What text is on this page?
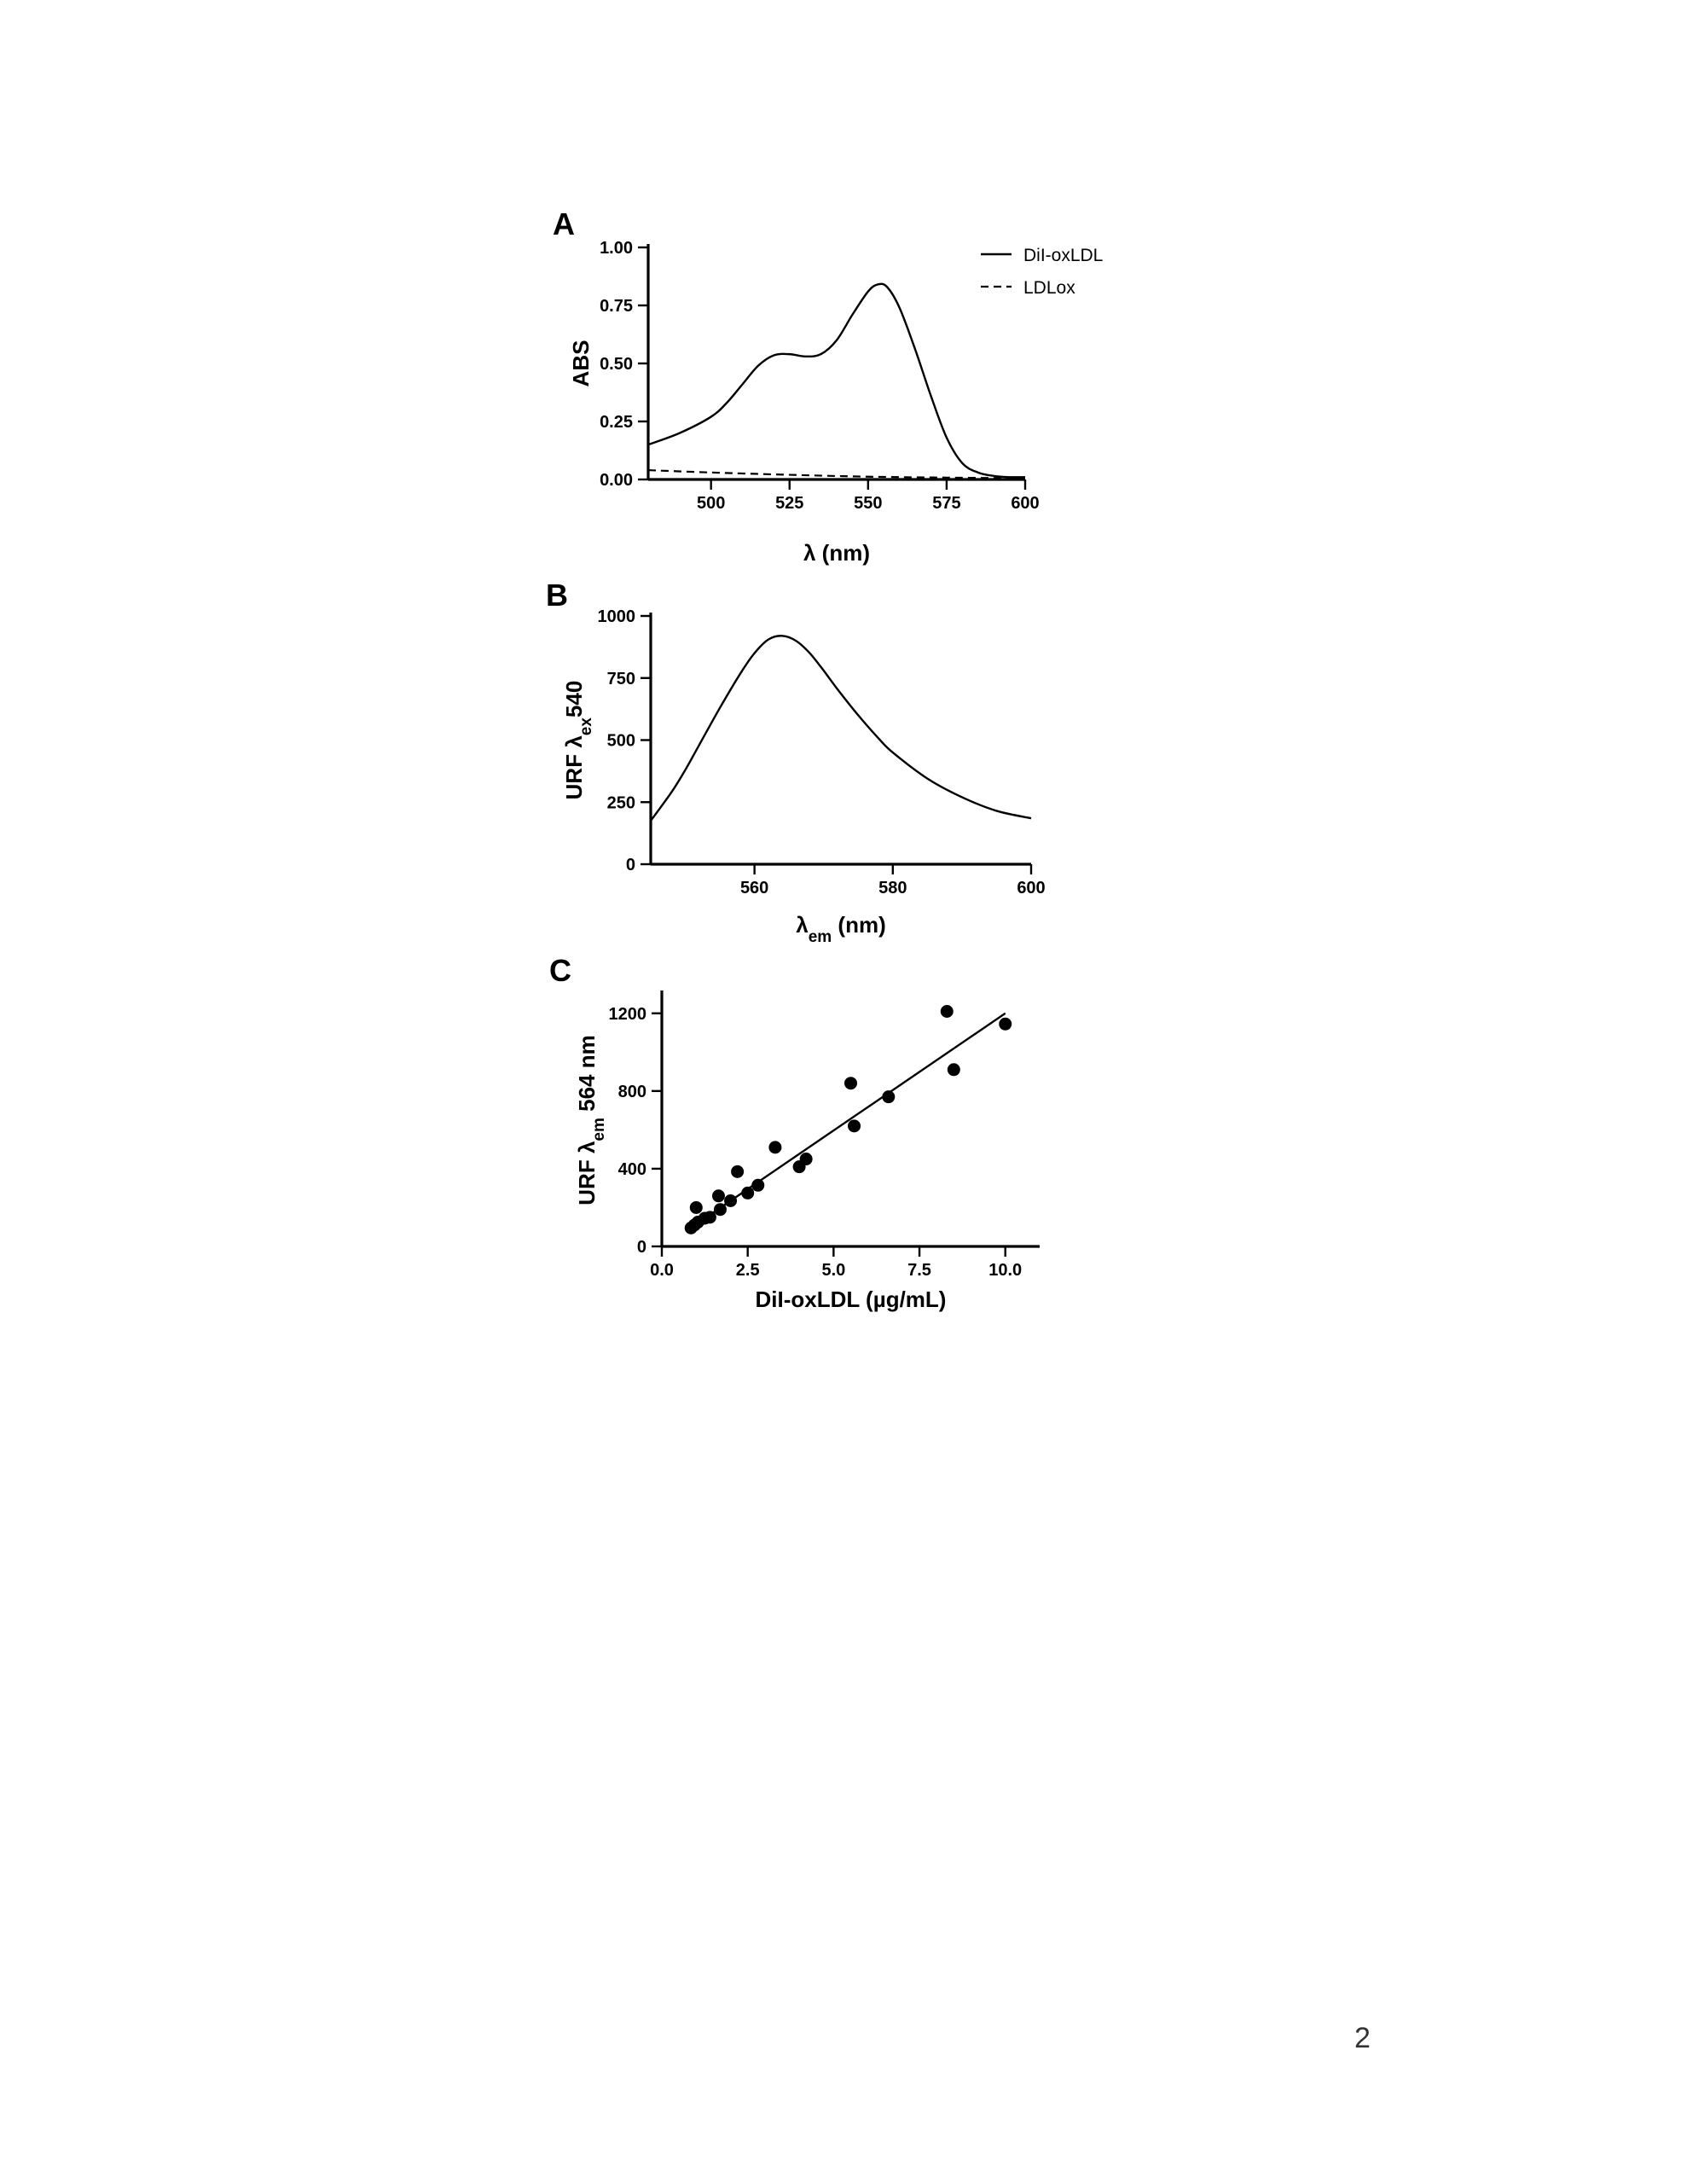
A
500	525	550	575	600
0.00
0.25
0.50
0.75
1.00
λ (nm)
ABS
DiI-oxLDL
LDLox
B
560	580	600
0
250
500
750
1000
$\lambda_{em}$ (nm)
URF $\lambda_{ex}540$
C
0.0	2.5	5.0	7.5	10.0
0
400
800
1200
DiI-oxLDL (µg/mL)
URF $\lambda_{em}$ 564 nm
2
